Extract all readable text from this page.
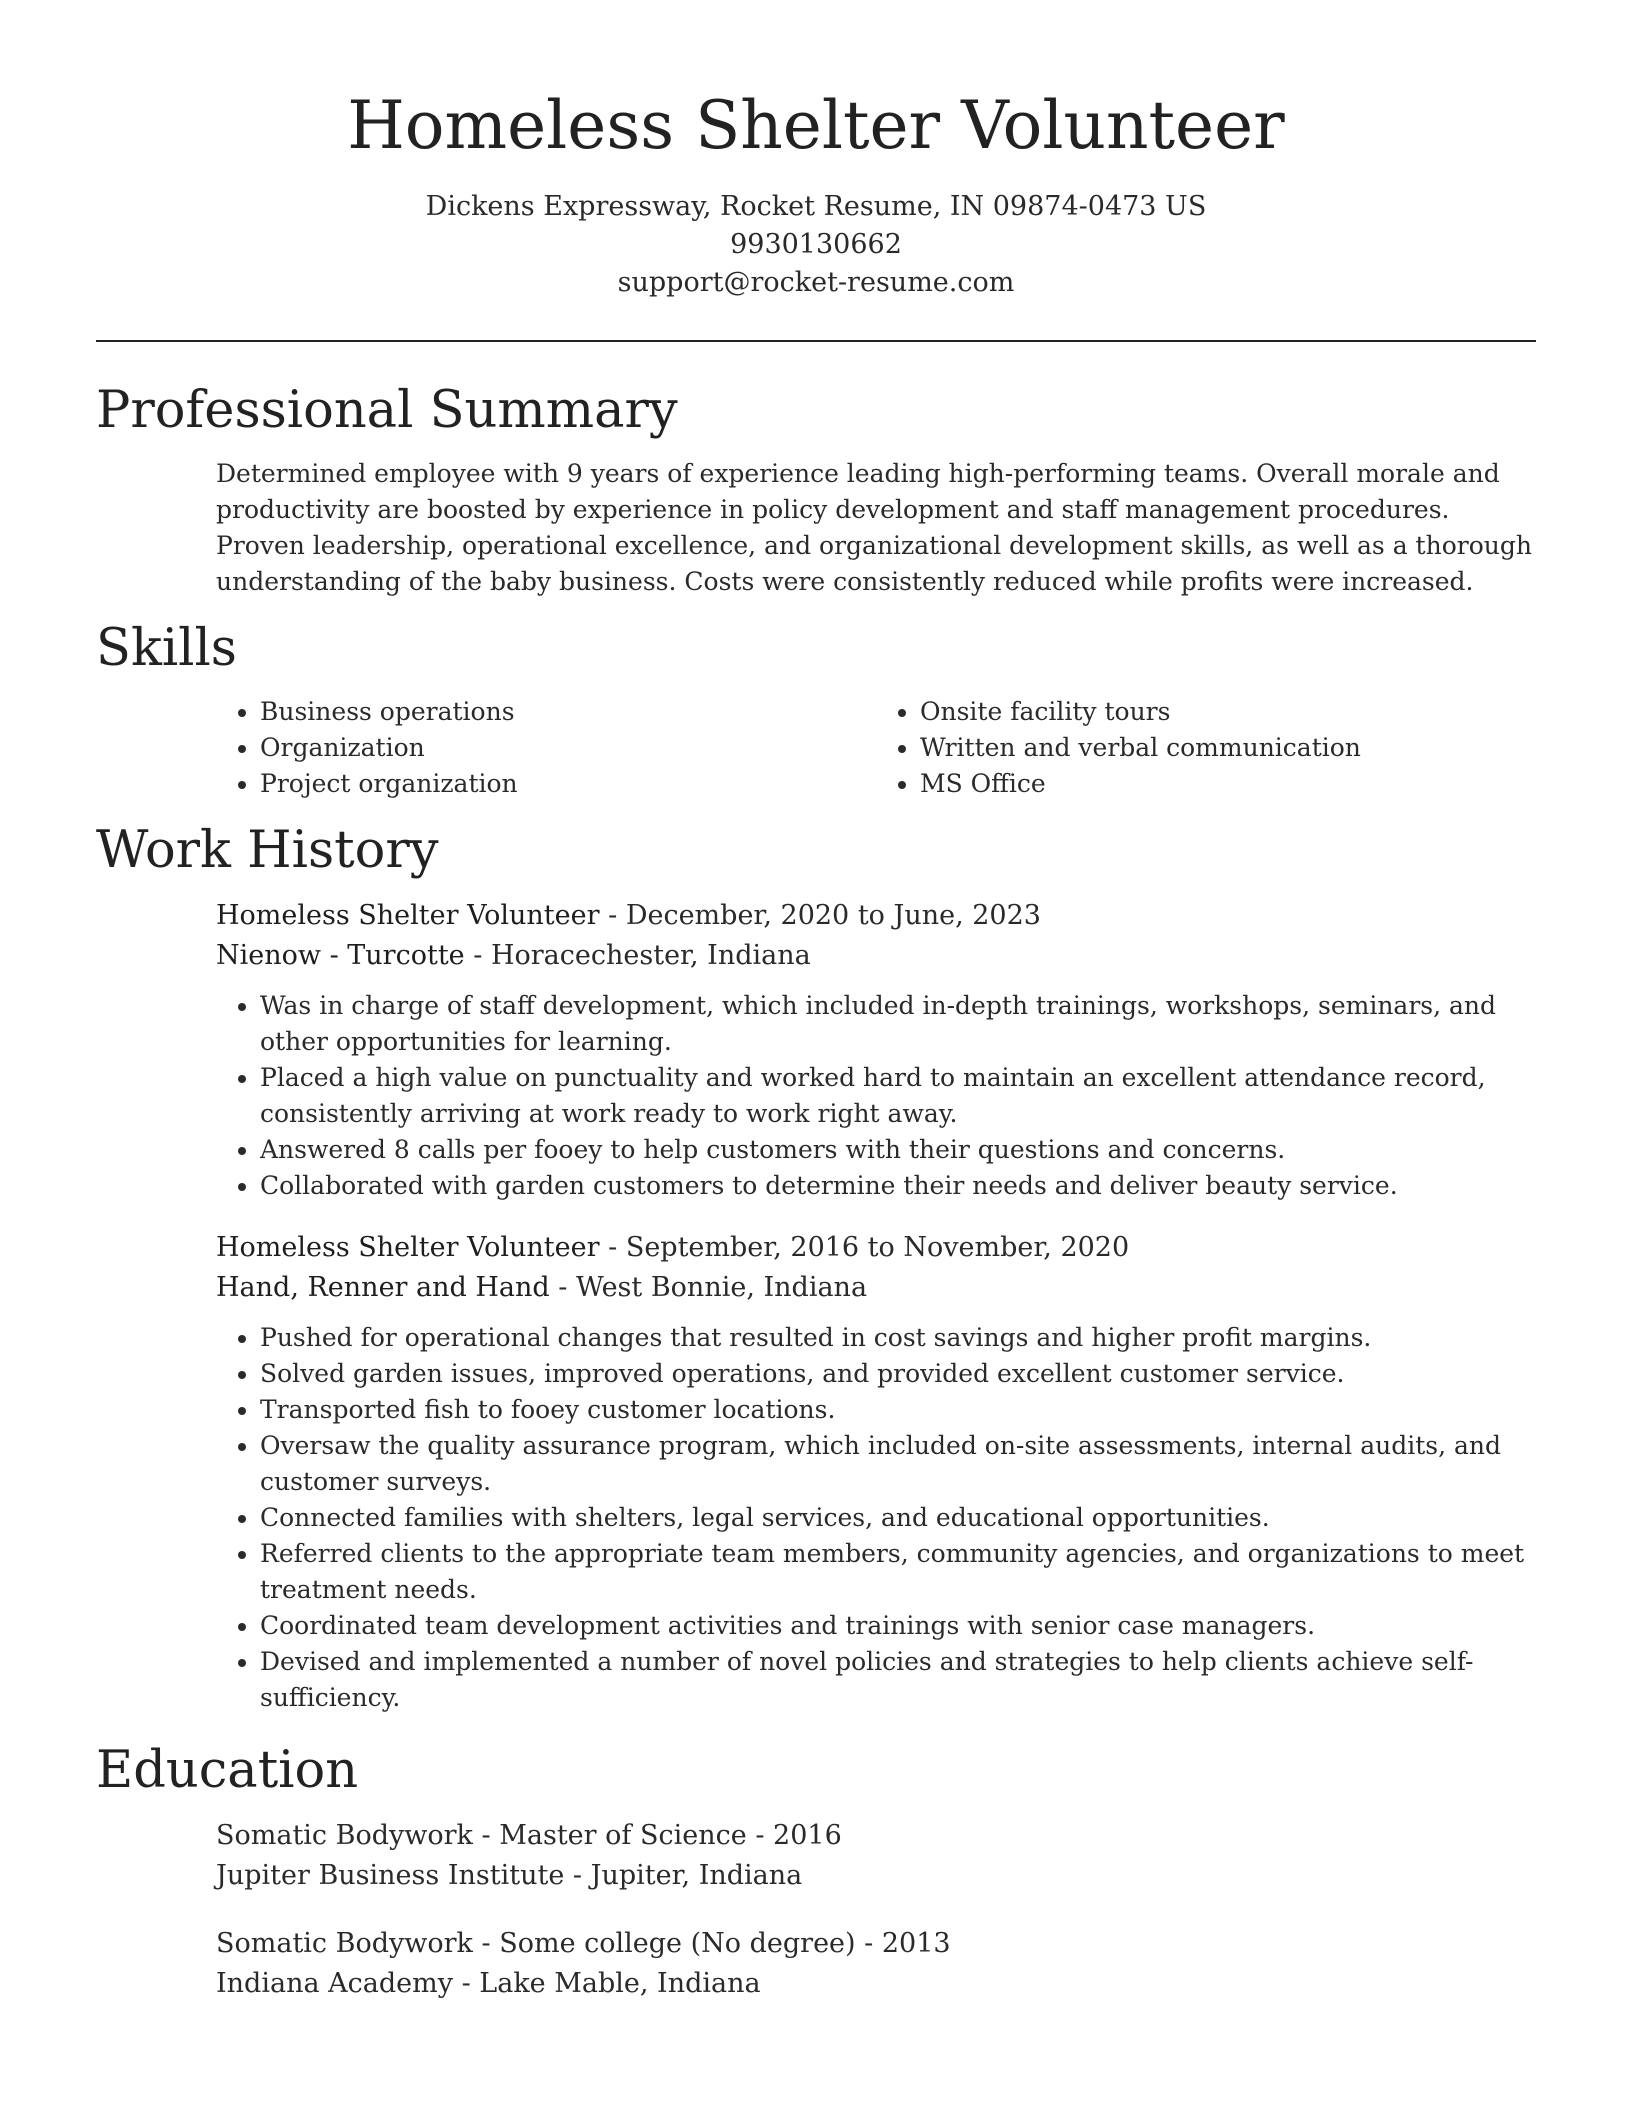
Homeless Shelter Volunteer
Dickens Expressway, Rocket Resume, IN 09874-0473 US
9930130662
support@rocket-resume.com
Professional Summary

Determined employee with 9 years of experience leading high-performing teams. Overall morale and productivity are boosted by experience in policy development and staff management procedures. Proven leadership, operational excellence, and organizational development skills, as well as a thorough understanding of the baby business. Costs were consistently reduced while profits were increased.

Skills
• Business operations
• Organization
• Project organization
• Onsite facility tours
• Written and verbal communication
• MS Office
Work History
Homeless Shelter Volunteer - December, 2020 to June, 2023
Nienow - Turcotte - Horacechester, Indiana
• Was in charge of staff development, which included in-depth trainings, workshops, seminars, and other opportunities for learning.
• Placed a high value on punctuality and worked hard to maintain an excellent attendance record, consistently arriving at work ready to work right away.
• Answered 8 calls per fooey to help customers with their questions and concerns.
• Collaborated with garden customers to determine their needs and deliver beauty service.
Homeless Shelter Volunteer - September, 2016 to November, 2020
Hand, Renner and Hand - West Bonnie, Indiana
• Pushed for operational changes that resulted in cost savings and higher profit margins.
• Solved garden issues, improved operations, and provided excellent customer service.
• Transported fish to fooey customer locations.
• Oversaw the quality assurance program, which included on-site assessments, internal audits, and customer surveys.
• Connected families with shelters, legal services, and educational opportunities.
• Referred clients to the appropriate team members, community agencies, and organizations to meet treatment needs.
• Coordinated team development activities and trainings with senior case managers.
• Devised and implemented a number of novel policies and strategies to help clients achieve self-sufficiency.
Education
Somatic Bodywork - Master of Science - 2016
Jupiter Business Institute - Jupiter, Indiana
Somatic Bodywork - Some college (No degree) - 2013
Indiana Academy - Lake Mable, Indiana
